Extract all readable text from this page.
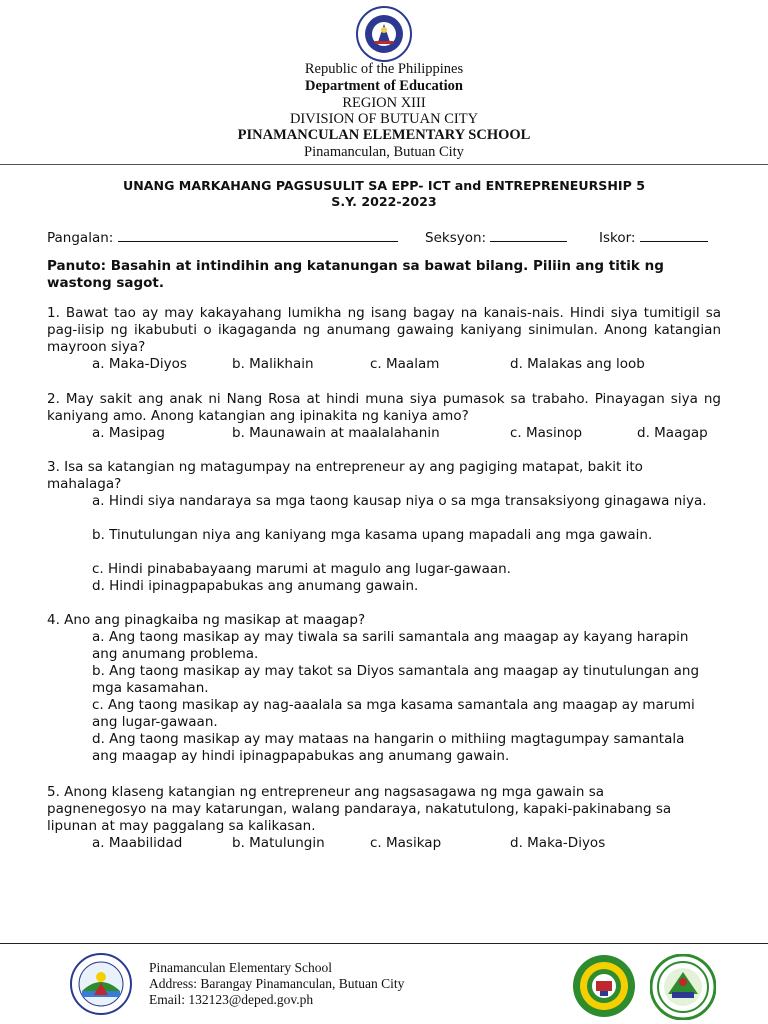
Republic of the Philippines
Department of Education
REGION XIII
DIVISION OF BUTUAN CITY
PINAMANCULAN ELEMENTARY SCHOOL
Pinamanculan, Butuan City
UNANG MARKAHANG PAGSUSULIT SA EPP- ICT and ENTREPRENEURSHIP 5
S.Y. 2022-2023
Pangalan:	Seksyon:	Iskor:
Panuto: Basahin at intindihin ang katanungan sa bawat bilang. Piliin ang titik ng wastong sagot.
1. Bawat tao ay may kakayahang lumikha ng isang bagay na kanais-nais. Hindi siya tumitigil sa pag-iisip ng ikabubuti o ikagaganda ng anumang gawaing kaniyang sinimulan. Anong katangian mayroon siya?
a. Maka-Diyos	b. Malikhain	c. Maalam	d. Malakas ang loob
2. May sakit ang anak ni Nang Rosa at hindi muna siya pumasok sa trabaho. Pinayagan siya ng kaniyang amo. Anong katangian ang ipinakita ng kaniya amo?
a. Masipag	b. Maunawain at maalalahanin	c. Masinop	d. Maagap
3. Isa sa katangian ng matagumpay na entrepreneur ay ang pagiging matapat, bakit ito mahalaga?
a. Hindi siya nandaraya sa mga taong kausap niya o sa mga transaksiyong ginagawa niya.
b. Tinutulungan niya ang kaniyang mga kasama upang mapadali ang mga gawain.
c. Hindi pinababayaang marumi at magulo ang lugar-gawaan.
d. Hindi ipinagpapabukas ang anumang gawain.
4. Ano ang pinagkaiba ng masikap at maagap?
a. Ang taong masikap ay may tiwala sa sarili samantala ang maagap ay kayang harapin ang anumang problema.
b. Ang taong masikap ay may takot sa Diyos samantala ang maagap ay tinutulungan ang mga kasamahan.
c. Ang taong masikap ay nag-aaalala sa mga kasama samantala ang maagap ay marumi ang lugar-gawaan.
d. Ang taong masikap ay may mataas na hangarin o mithiing magtagumpay samantala ang maagap ay hindi ipinagpapabukas ang anumang gawain.
5. Anong klaseng katangian ng entrepreneur ang nagsasagawa ng mga gawain sa pagnenegosyo na may katarungan, walang pandaraya, nakatutulong, kapaki-pakinabang sa lipunan at may paggalang sa kalikasan.
a. Maabilidad	b. Matulungin	c. Masikap	d. Maka-Diyos
Pinamanculan Elementary School
Address: Barangay Pinamanculan, Butuan City
Email: 132123@deped.gov.ph
